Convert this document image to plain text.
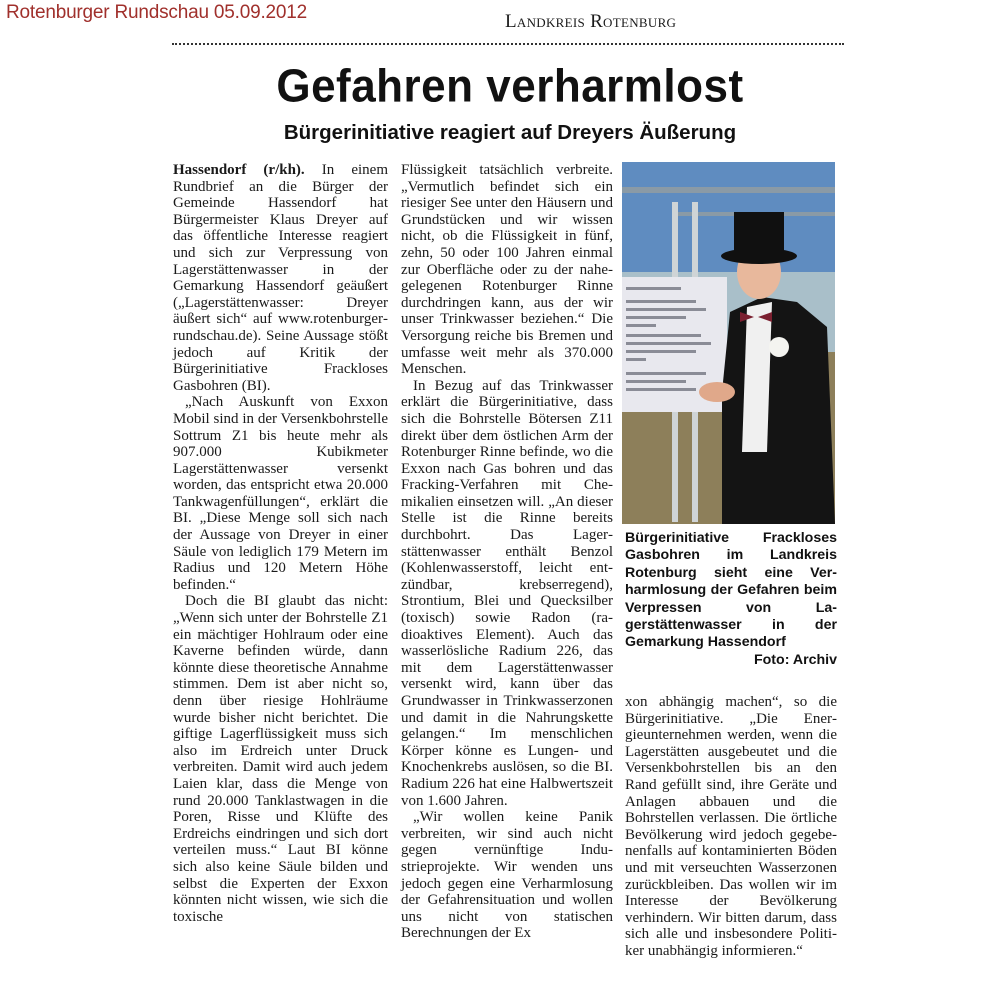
Rotenburger Rundschau 05.09.2012	Landkreis Rotenburg
Gefahren verharmlost
Bürgerinitiative reagiert auf Dreyers Äußerung

Hassendorf (r/kh). In einem Rundbrief an die Bürger der Gemeinde Hassendorf hat Bürgermeister Klaus Dreyer auf das öffentliche Interesse reagiert und sich zur Verpressung von Lagerstättenwasser in der Gemarkung Hassendorf geäußert („Lagerstättenwasser: Dreyer äußert sich“ auf www.rotenburgerrundschau.de). Seine Aussage stößt jedoch auf Kritik der Bürgerinitiative Frackloses Gasbohren (BI).

„Nach Auskunft von Exxon Mobil sind in der Versenkbohrstelle Sottrum Z1 bis heute mehr als 907.000 Kubikmeter Lagerstättenwasser versenkt worden, das entspricht etwa 20.000 Tankwagenfüllungen“, erklärt die BI. „Diese Menge soll sich nach der Aussage von Dreyer in einer Säule von lediglich 179 Metern im Radius und 120 Metern Höhe befinden.“

Doch die BI glaubt das nicht: „Wenn sich unter der Bohrstelle Z1 ein mächtiger Hohlraum oder eine Kaverne befinden würde, dann könnte diese theoretische Annahme stimmen. Dem ist aber nicht so, denn über riesige Hohlräume wurde bisher nicht berichtet. Die giftige Lagerflüssigkeit muss sich also im Erdreich unter Druck verbreiten. Damit wird auch jedem Laien klar, dass die Menge von rund 20.000 Tanklastwagen in die Poren, Risse und Klüfte des Erdreichs eindringen und sich dort verteilen muss.“ Laut BI könne sich also keine Säule bilden und selbst die Experten der Exxon könnten nicht wissen, wie sich die toxische

Flüssigkeit tatsächlich verbreite. „Vermutlich befindet sich ein riesiger See unter den Häusern und Grundstücken und wir wissen nicht, ob die Flüssigkeit in fünf, zehn, 50 oder 100 Jahren einmal zur Oberfläche oder zu der nahegelegenen Rotenburger Rinne durchdringen kann, aus der wir unser Trinkwasser beziehen.“ Die Versorgung reiche bis Bremen und umfasse weit mehr als 370.000 Menschen.

In Bezug auf das Trinkwasser erklärt die Bürgerinitiative, dass sich die Bohrstelle Bötersen Z11 direkt über dem östlichen Arm der Rotenburger Rinne befinde, wo die Exxon nach Gas bohren und das Fracking-Verfahren mit Chemikalien einsetzen will. „An dieser Stelle ist die Rinne bereits durchbohrt. Das Lagerstättenwasser enthält Benzol (Kohlenwasserstoff, leicht entzündbar, krebserregend), Strontium, Blei und Quecksilber (toxisch) sowie Radon (radioaktives Element). Auch das wasserlösliche Radium 226, das mit dem Lagerstättenwasser versenkt wird, kann über das Grundwasser in Trinkwasserzonen und damit in die Nahrungskette gelangen.“ Im menschlichen Körper könne es Lungen- und Knochenkrebs auslösen, so die BI. Radium 226 hat eine Halbwertszeit von 1.600 Jahren.

„Wir wollen keine Panik verbreiten, wir sind auch nicht gegen vernünftige Industrieprojekte. Wir wenden uns jedoch gegen eine Verharmlosung der Gefahrensituation und wollen uns nicht von statischen Berechnungen der Ex

Bürgerinitiative Frackloses Gasbohren im Landkreis Rotenburg sieht eine Verharmlosung der Gefahren beim Verpressen von Lagerstättenwasser in der Gemarkung Hassendorf
Foto: Archiv

xon abhängig machen“, so die Bürgerinitiative. „Die Energieunternehmen werden, wenn die Lagerstätten ausgebeutet und die Versenkbohrstellen bis an den Rand gefüllt sind, ihre Geräte und Anlagen abbauen und die Bohrstellen verlassen. Die örtliche Bevölkerung wird jedoch gegebenenfalls auf kontaminierten Böden und mit verseuchten Wasserzonen zurückbleiben. Das wollen wir im Interesse der Bevölkerung verhindern. Wir bitten darum, dass sich alle und insbesondere Politiker unabhängig informieren.“
